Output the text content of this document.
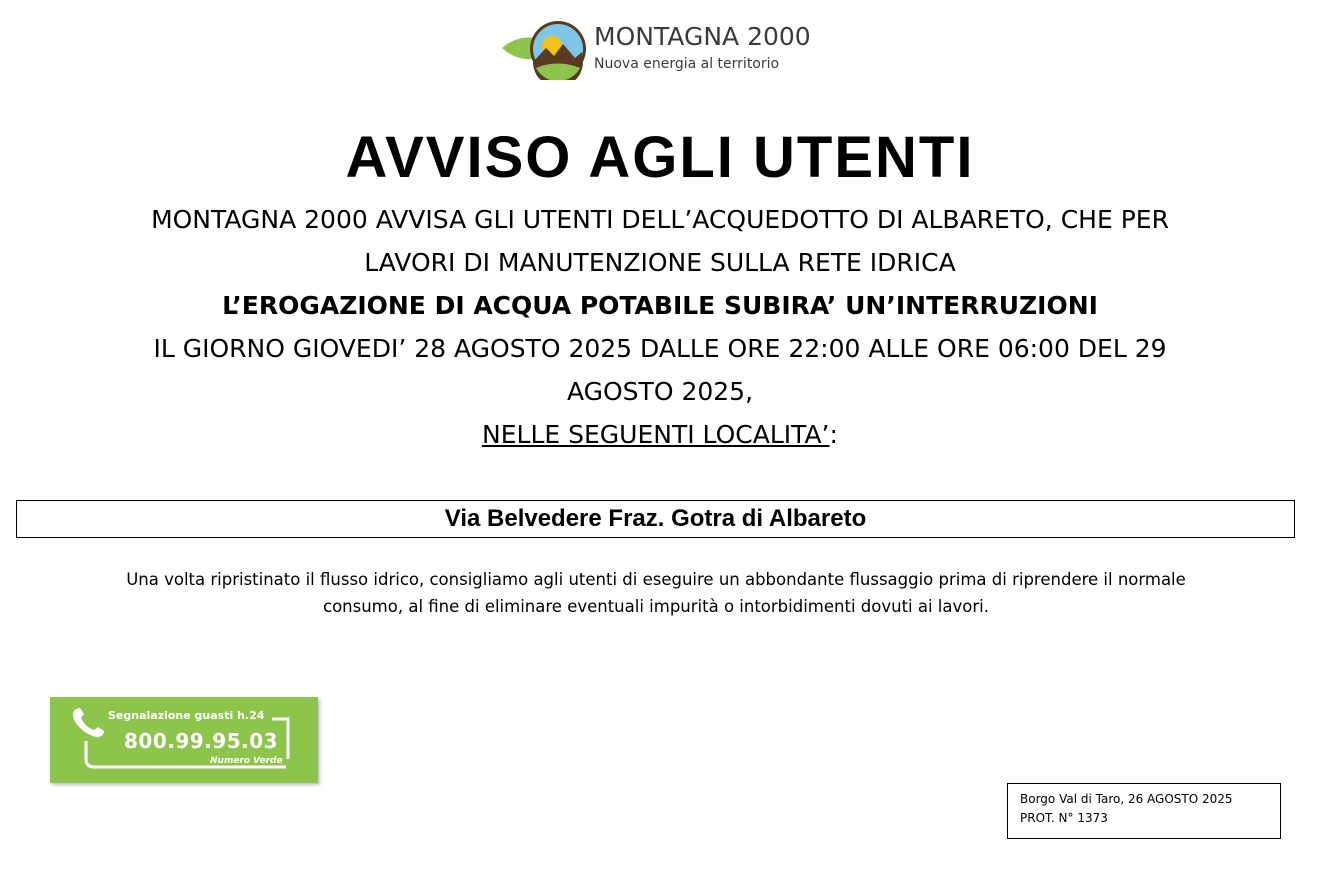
MONTAGNA 2000
Nuova energia al territorio
AVVISO AGLI UTENTI
MONTAGNA 2000 AVVISA GLI UTENTI DELL’ACQUEDOTTO DI ALBARETO, CHE PER
LAVORI DI MANUTENZIONE SULLA RETE IDRICA
L’EROGAZIONE DI ACQUA POTABILE SUBIRA’ UN’INTERRUZIONI
IL GIORNO GIOVEDI’ 28 AGOSTO 2025 DALLE ORE 22:00 ALLE ORE 06:00 DEL 29
AGOSTO 2025,
NELLE SEGUENTI LOCALITA’:
Via Belvedere Fraz. Gotra di Albareto
Una volta ripristinato il flusso idrico, consigliamo agli utenti di eseguire un abbondante flussaggio prima di riprendere il normale
consumo, al fine di eliminare eventuali impurità o intorbidimenti dovuti ai lavori.
Segnalazione guasti h.24
800.99.95.03
Numero Verde
Borgo Val di Taro, 26 AGOSTO 2025
PROT. N° 1373
